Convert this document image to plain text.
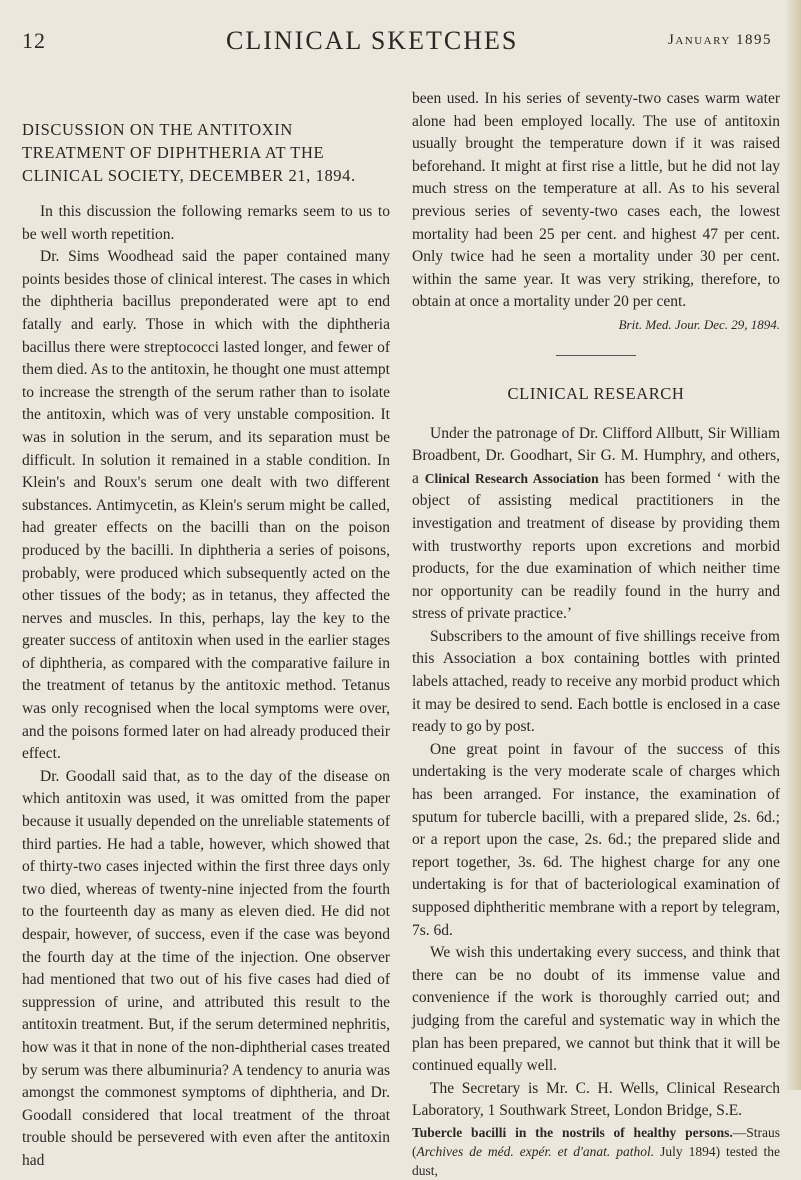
12	CLINICAL SKETCHES	January 1895
DISCUSSION ON THE ANTITOXIN TREATMENT OF DIPHTHERIA AT THE CLINICAL SOCIETY, DECEMBER 21, 1894.

In this discussion the following remarks seem to us to be well worth repetition.

Dr. Sims Woodhead said the paper contained many points besides those of clinical interest. The cases in which the diphtheria bacillus preponderated were apt to end fatally and early. Those in which with the diphtheria bacillus there were streptococci lasted longer, and fewer of them died. As to the antitoxin, he thought one must attempt to increase the strength of the serum rather than to isolate the antitoxin, which was of very unstable composition. It was in solution in the serum, and its separation must be difficult. In solution it remained in a stable condition. In Klein's and Roux's serum one dealt with two different substances. Antimycetin, as Klein's serum might be called, had greater effects on the bacilli than on the poison produced by the bacilli. In diphtheria a series of poisons, probably, were produced which subsequently acted on the other tissues of the body; as in tetanus, they affected the nerves and muscles. In this, perhaps, lay the key to the greater success of antitoxin when used in the earlier stages of diphtheria, as compared with the comparative failure in the treatment of tetanus by the antitoxic method. Tetanus was only recognised when the local symptoms were over, and the poisons formed later on had already produced their effect.

Dr. Goodall said that, as to the day of the disease on which antitoxin was used, it was omitted from the paper because it usually depended on the unreliable statements of third parties. He had a table, however, which showed that of thirty-two cases injected within the first three days only two died, whereas of twenty-nine injected from the fourth to the fourteenth day as many as eleven died. He did not despair, however, of success, even if the case was beyond the fourth day at the time of the injection. One observer had mentioned that two out of his five cases had died of suppression of urine, and attributed this result to the antitoxin treatment. But, if the serum determined nephritis, how was it that in none of the non-diphtherial cases treated by serum was there albuminuria? A tendency to anuria was amongst the commonest symptoms of diphtheria, and Dr. Goodall considered that local treatment of the throat trouble should be persevered with even after the antitoxin had

been used. In his series of seventy-two cases warm water alone had been employed locally. The use of antitoxin usually brought the temperature down if it was raised beforehand. It might at first rise a little, but he did not lay much stress on the temperature at all. As to his several previous series of seventy-two cases each, the lowest mortality had been 25 per cent. and highest 47 per cent. Only twice had he seen a mortality under 30 per cent. within the same year. It was very striking, therefore, to obtain at once a mortality under 20 per cent.

Brit. Med. Jour. Dec. 29, 1894.

CLINICAL RESEARCH

Under the patronage of Dr. Clifford Allbutt, Sir William Broadbent, Dr. Goodhart, Sir G. M. Humphry, and others, a Clinical Research Association has been formed ‘ with the object of assisting medical practitioners in the investigation and treatment of disease by providing them with trustworthy reports upon excretions and morbid products, for the due examination of which neither time nor opportunity can be readily found in the hurry and stress of private practice.’

Subscribers to the amount of five shillings receive from this Association a box containing bottles with printed labels attached, ready to receive any morbid product which it may be desired to send. Each bottle is enclosed in a case ready to go by post.

One great point in favour of the success of this undertaking is the very moderate scale of charges which has been arranged. For instance, the examination of sputum for tubercle bacilli, with a prepared slide, 2s. 6d.; or a report upon the case, 2s. 6d.; the prepared slide and report together, 3s. 6d. The highest charge for any one undertaking is for that of bacteriological examination of supposed diphtheritic membrane with a report by telegram, 7s. 6d.

We wish this undertaking every success, and think that there can be no doubt of its immense value and convenience if the work is thoroughly carried out; and judging from the careful and systematic way in which the plan has been prepared, we cannot but think that it will be continued equally well.

The Secretary is Mr. C. H. Wells, Clinical Research Laboratory, 1 Southwark Street, London Bridge, S.E.

Tubercle bacilli in the nostrils of healthy persons.—Straus (Archives de méd. expér. et d'anat. pathol. July 1894) tested the dust,
